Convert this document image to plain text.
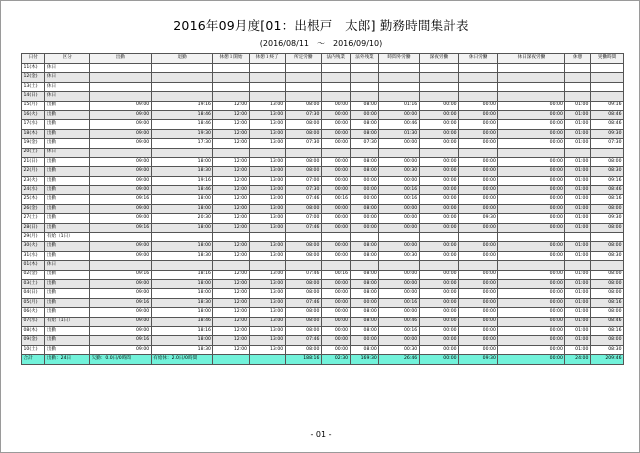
2016年09月度[01：出根戸　太郎] 勤務時間集計表
(2016/08/11　～　2016/09/10)
日付	区分	出勤	退勤	休憩１開始	休憩１終了	所定労働	法内残業	法外残業	時間外労働	深夜労働	休日労働	休日深夜労働	休憩	実働時間
11(木)	休日													
12(金)	休日													
13(土)	休日													
14(日)	休日													
15(月)	出勤	09:00	19:16	12:00	13:00	08:00	00:00	08:00	01:16	00:00	00:00	00:00	01:00	09:16
16(火)	出勤	09:00	18:46	12:00	13:00	07:30	00:00	00:00	00:00	00:00	00:00	00:00	01:00	08:46
17(水)	出勤	09:00	18:46	12:00	13:00	08:00	00:00	08:00	00:46	00:00	00:00	00:00	01:00	08:46
18(木)	出勤	09:00	19:30	12:00	13:00	08:00	00:00	08:00	01:30	00:00	00:00	00:00	01:00	09:30
19(金)	出勤	09:00	17:30	12:00	13:00	07:30	00:00	07:30	00:00	00:00	00:00	00:00	01:00	07:30
20(土)	休日													
21(日)	出勤	09:00	18:00	12:00	13:00	08:00	00:00	08:00	00:00	00:00	00:00	00:00	01:00	08:00
22(月)	出勤	09:00	18:30	12:00	13:00	08:00	00:00	08:00	00:30	00:00	00:00	00:00	01:00	08:30
23(火)	出勤	09:00	19:16	12:00	13:00	07:00	00:00	00:00	00:00	00:00	00:00	00:00	01:00	09:16
24(水)	出勤	09:00	18:46	12:00	13:00	07:30	00:00	00:00	00:16	00:00	00:00	00:00	01:00	08:46
25(木)	出勤	09:16	18:00	12:00	13:00	07:46	00:16	00:00	00:16	00:00	00:00	00:00	01:00	08:16
26(金)	出勤	09:00	18:00	12:00	13:00	08:00	00:00	08:00	00:00	00:00	00:00	00:00	01:00	08:00
27(土)	出勤	09:00	20:30	12:00	13:00	07:00	00:00	00:00	00:00	00:00	09:30	00:00	01:00	09:30
28(日)	出勤	09:16	18:00	12:00	13:00	07:46	00:00	00:00	00:00	00:00	00:00	00:00	01:00	08:00
29(月)	有給（1日）													
30(火)	出勤	09:00	18:00	12:00	13:00	08:00	00:00	08:00	00:00	00:00	00:00	00:00	01:00	08:00
31(水)	出勤	09:00	18:30	12:00	13:00	08:00	00:00	08:00	00:30	00:00	00:00	00:00	01:00	08:30
01(木)	休日													
02(金)	出勤	09:16	18:16	12:00	13:00	07:46	00:16	08:00	00:00	00:00	00:00	00:00	01:00	08:00
03(土)	出勤	09:00	18:00	12:00	13:00	08:00	00:00	08:00	00:00	00:00	00:00	00:00	01:00	08:00
04(日)	出勤	09:00	18:00	12:00	13:00	08:00	00:00	08:00	00:00	00:00	00:00	00:00	01:00	08:00
05(月)	出勤	09:16	18:30	12:00	13:00	07:46	00:00	00:00	00:16	00:00	00:00	00:00	01:00	08:16
06(火)	出勤	09:00	18:00	12:00	13:00	08:00	00:00	08:00	00:00	00:00	00:00	00:00	01:00	08:00
07(水)	有給（1日）	09:00	18:46	12:00	13:00	08:00	00:00	08:00	00:46	00:00	00:00	00:00	01:00	08:46
08(木)	出勤	09:00	18:16	12:00	13:00	08:00	00:00	08:00	00:16	00:00	00:00	00:00	01:00	08:16
09(金)	出勤	09:16	18:00	12:00	13:00	07:46	00:00	00:00	00:00	00:00	00:00	00:00	01:00	08:00
10(土)	出勤	09:00	18:30	12:00	13:00	08:00	00:00	08:00	00:30	00:00	00:00	00:00	01:00	08:30
合計	出勤：24日	欠勤：0.0日/0時間	有給休：2.0日/0時間			188:16	02:30	169:30	26:46	00:00	09:30	00:00	24:00	209:46
- 01 -
